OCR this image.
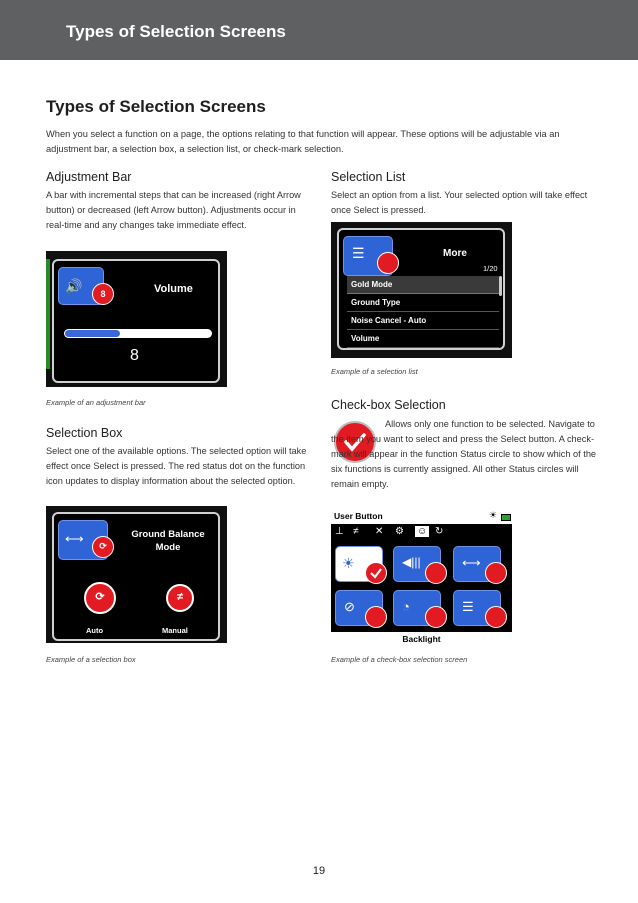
Types of Selection Screens
Types of Selection Screens
When you select a function on a page, the options relating to that function will appear. These options will be adjustable via an adjustment bar, a selection box, a selection list, or check-mark selection.
Adjustment Bar
A bar with incremental steps that can be increased (right Arrow button) or decreased (left Arrow button). Adjustments occur in real-time and any changes take immediate effect.
🔊	8	Volume
8
Example of an adjustment bar
Selection Box
Select one of the available options. The selected option will take effect once Select is pressed. The red status dot on the function icon updates to display information about the selected option.
⟷	⟳
Ground Balance
Mode
⟳	≠
Auto	Manual
Example of a selection box
Selection List
Select an option from a list. Your selected option will take effect once Select is pressed.
☰	More
1/20
Gold Mode
Ground Type
Noise Cancel - Auto
Volume
Example of a selection list
Check-box Selection
Allows only one function to be selected. Navigate to the item you want to select and press the Select button. A check-mark will appear in the function Status circle to show which of the six functions is currently assigned. All other Status circles will remain empty.
User Button	☀
⊥ ≠ ✕ ⚙ ☺ ↻
☀	◀|||	⟷
⊘	◔	☰
Backlight
Example of a check-box selection screen
19
